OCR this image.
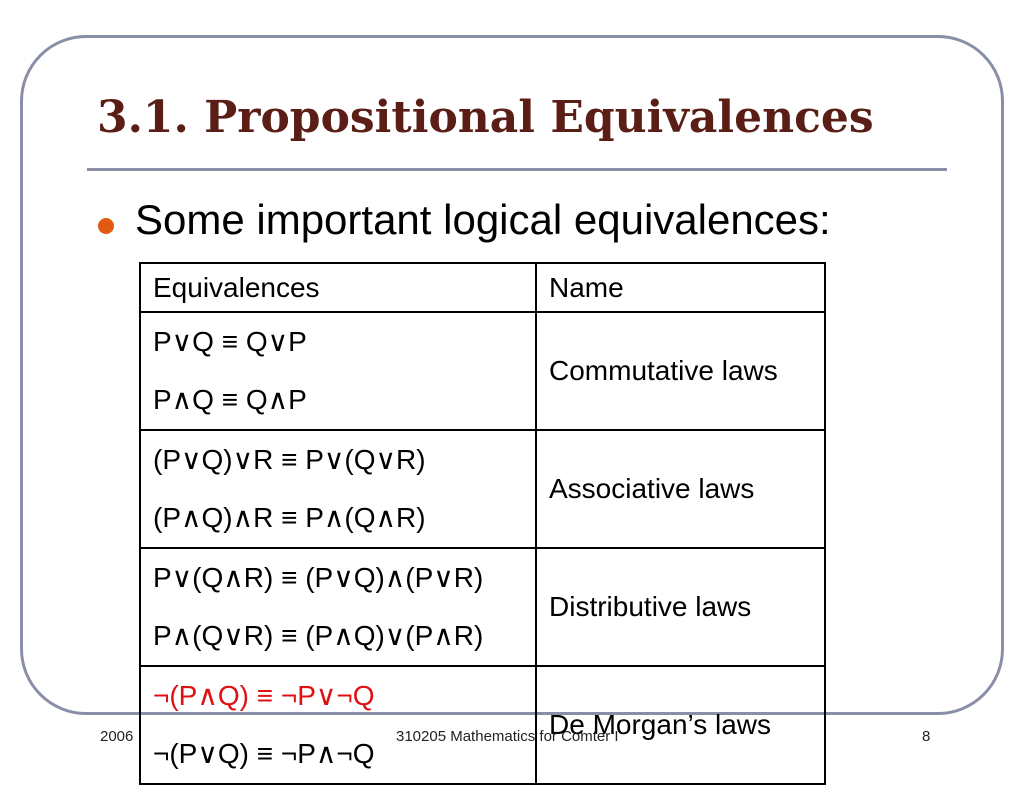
3.1. Propositional Equivalences
Some important logical equivalences:
Equivalences	Name

P∨Q ≡ Q∨P
P∧Q ≡ Q∧P	Commutative laws

(P∨Q)∨R ≡ P∨(Q∨R)
(P∧Q)∧R ≡ P∧(Q∧R)	Associative laws

P∨(Q∧R) ≡ (P∨Q)∧(P∨R)
P∧(Q∨R) ≡ (P∧Q)∨(P∧R)	Distributive laws

¬(P∧Q) ≡ ¬P∨¬Q
¬(P∨Q) ≡ ¬P∧¬Q	De Morgan’s laws
2006	310205 Mathematics for Comter I	8
